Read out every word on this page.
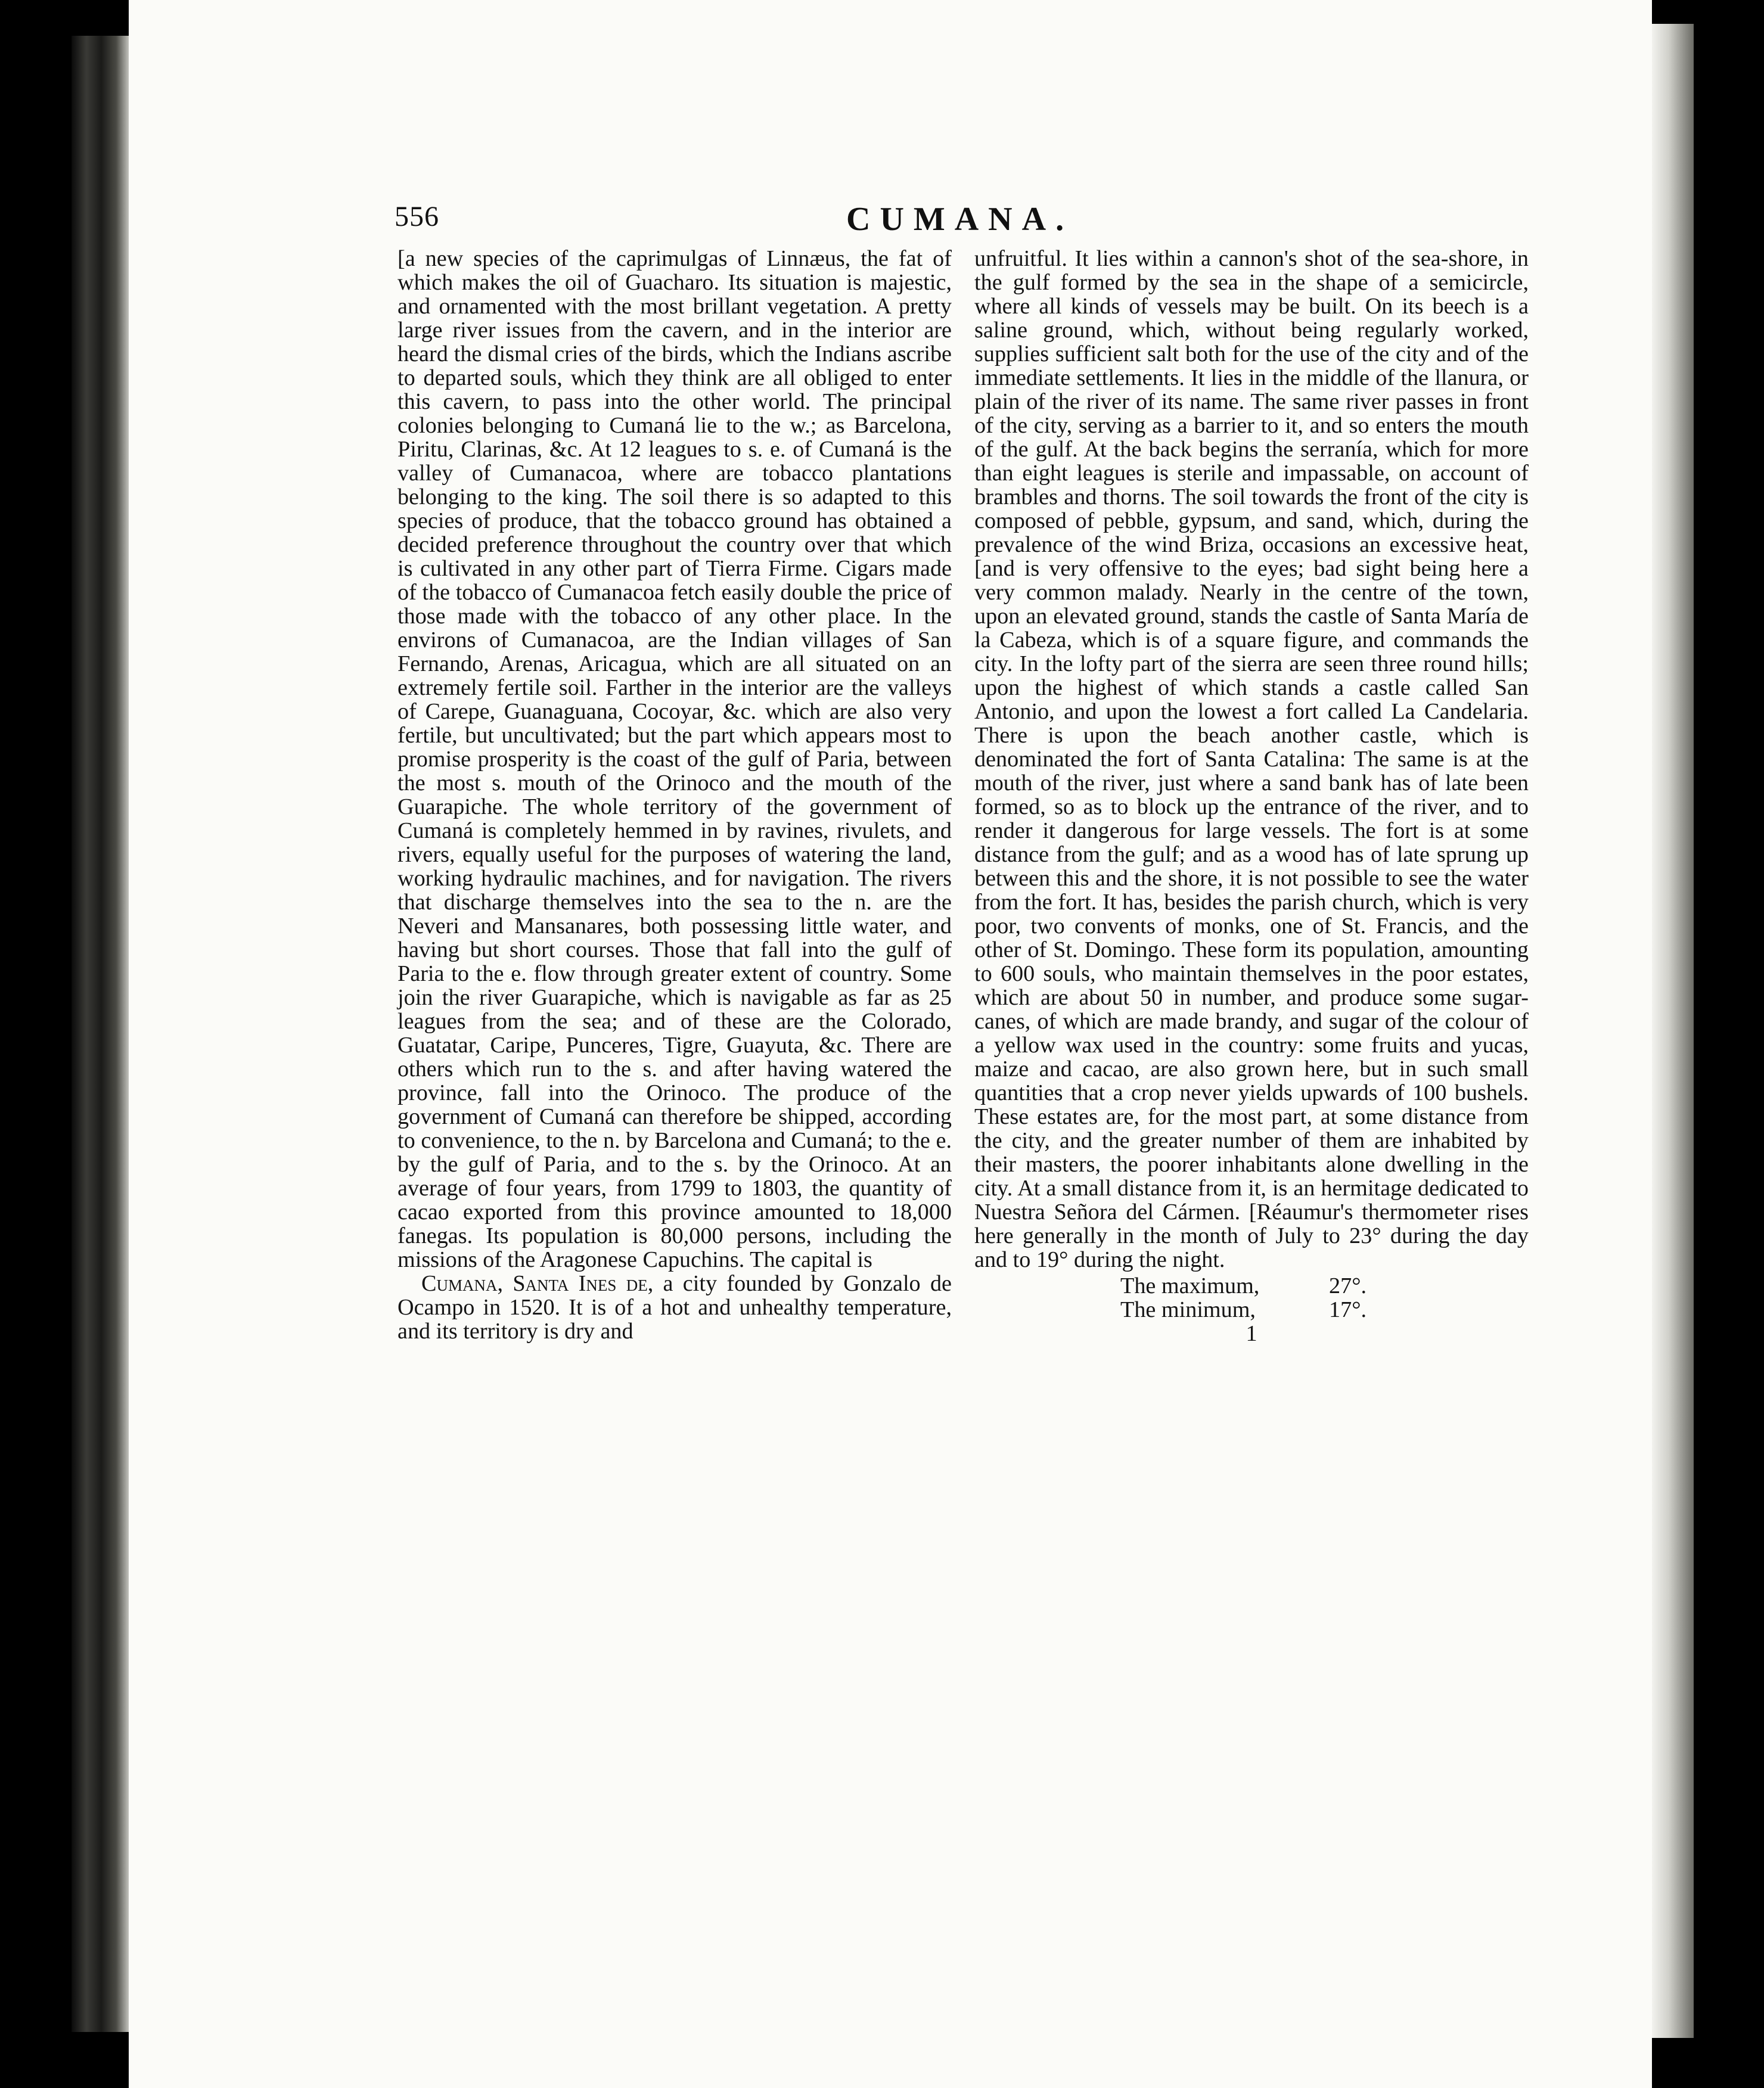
556	CUMANA.

[a new species of the caprimulgas of Linnæus, the fat of which makes the oil of Guacharo. Its situation is majestic, and ornamented with the most brillant vegetation. A pretty large river issues from the cavern, and in the interior are heard the dismal cries of the birds, which the Indians ascribe to departed souls, which they think are all obliged to enter this cavern, to pass into the other world. The principal colonies belonging to Cumaná lie to the w.; as Barcelona, Piritu, Clarinas, &c. At 12 leagues to s. e. of Cumaná is the valley of Cumanacoa, where are tobacco plantations belonging to the king. The soil there is so adapted to this species of produce, that the tobacco ground has obtained a decided preference throughout the country over that which is cultivated in any other part of Tierra Firme. Cigars made of the tobacco of Cumanacoa fetch easily double the price of those made with the tobacco of any other place. In the environs of Cumanacoa, are the Indian villages of San Fernando, Arenas, Aricagua, which are all situated on an extremely fertile soil. Farther in the interior are the valleys of Carepe, Guanaguana, Cocoyar, &c. which are also very fertile, but uncultivated; but the part which appears most to promise prosperity is the coast of the gulf of Paria, between the most s. mouth of the Orinoco and the mouth of the Guarapiche. The whole territory of the government of Cumaná is completely hemmed in by ravines, rivulets, and rivers, equally useful for the purposes of watering the land, working hydraulic machines, and for navigation. The rivers that discharge themselves into the sea to the n. are the Neveri and Mansanares, both possessing little water, and having but short courses. Those that fall into the gulf of Paria to the e. flow through greater extent of country. Some join the river Guarapiche, which is navigable as far as 25 leagues from the sea; and of these are the Colorado, Guatatar, Caripe, Punceres, Tigre, Guayuta, &c. There are others which run to the s. and after having watered the province, fall into the Orinoco. The produce of the government of Cumaná can therefore be shipped, according to convenience, to the n. by Barcelona and Cumaná; to the e. by the gulf of Paria, and to the s. by the Orinoco. At an average of four years, from 1799 to 1803, the quantity of cacao exported from this province amounted to 18,000 fanegas. Its population is 80,000 persons, including the missions of the Aragonese Capuchins. The capital is

Cumana, Santa Ines de, a city founded by Gonzalo de Ocampo in 1520. It is of a hot and unhealthy temperature, and its territory is dry and

unfruitful. It lies within a cannon's shot of the sea-shore, in the gulf formed by the sea in the shape of a semicircle, where all kinds of vessels may be built. On its beech is a saline ground, which, without being regularly worked, supplies sufficient salt both for the use of the city and of the immediate settlements. It lies in the middle of the llanura, or plain of the river of its name. The same river passes in front of the city, serving as a barrier to it, and so enters the mouth of the gulf. At the back begins the serranía, which for more than eight leagues is sterile and impassable, on account of brambles and thorns. The soil towards the front of the city is composed of pebble, gypsum, and sand, which, during the prevalence of the wind Briza, occasions an excessive heat, [and is very offensive to the eyes; bad sight being here a very common malady. Nearly in the centre of the town, upon an elevated ground, stands the castle of Santa María de la Cabeza, which is of a square figure, and commands the city. In the lofty part of the sierra are seen three round hills; upon the highest of which stands a castle called San Antonio, and upon the lowest a fort called La Candelaria. There is upon the beach another castle, which is denominated the fort of Santa Catalina: The same is at the mouth of the river, just where a sand bank has of late been formed, so as to block up the entrance of the river, and to render it dangerous for large vessels. The fort is at some distance from the gulf; and as a wood has of late sprung up between this and the shore, it is not possible to see the water from the fort. It has, besides the parish church, which is very poor, two convents of monks, one of St. Francis, and the other of St. Domingo. These form its population, amounting to 600 souls, who maintain themselves in the poor estates, which are about 50 in number, and produce some sugar-canes, of which are made brandy, and sugar of the colour of a yellow wax used in the country: some fruits and yucas, maize and cacao, are also grown here, but in such small quantities that a crop never yields upwards of 100 bushels. These estates are, for the most part, at some distance from the city, and the greater number of them are inhabited by their masters, the poorer inhabitants alone dwelling in the city. At a small distance from it, is an hermitage dedicated to Nuestra Señora del Cármen. [Réaumur's thermometer rises here generally in the month of July to 23° during the day and to 19° during the night.

The maximum,	27°.
The minimum,	17°.
1
